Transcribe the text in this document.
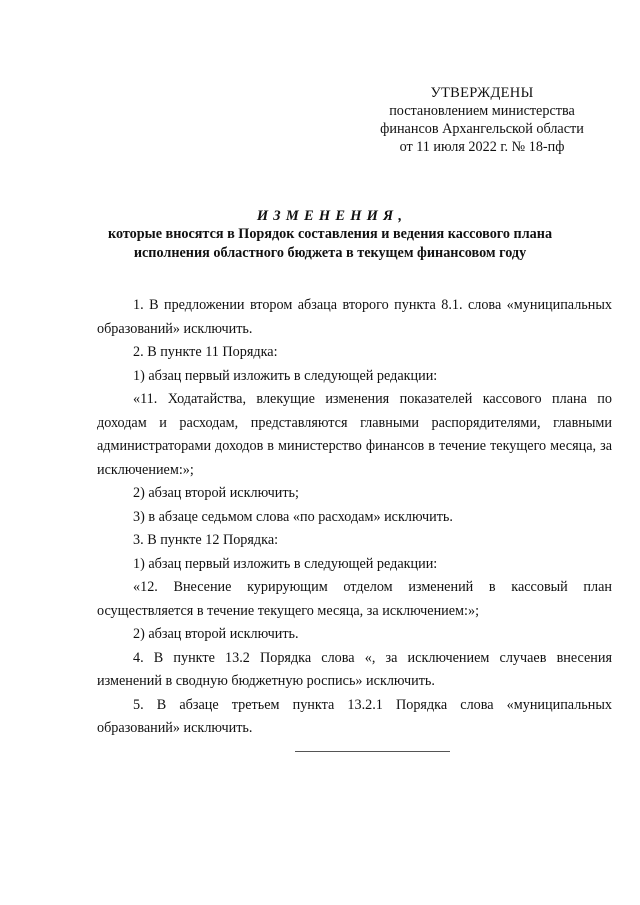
УТВЕРЖДЕНЫ
постановлением министерства
финансов Архангельской области
от 11 июля 2022 г. № 18-пф
ИЗМЕНЕНИЯ,
которые вносятся в Порядок составления и ведения кассового плана
исполнения областного бюджета в текущем финансовом году

1. В предложении втором абзаца второго пункта 8.1. слова «муниципальных образований» исключить.

2. В пункте 11 Порядка:

1) абзац первый изложить в следующей редакции:

«11. Ходатайства, влекущие изменения показателей кассового плана по доходам и расходам, представляются главными распорядителями, главными администраторами доходов в министерство финансов в течение текущего месяца, за исключением:»;

2) абзац второй исключить;

3) в абзаце седьмом слова «по расходам» исключить.

3. В пункте 12 Порядка:

1) абзац первый изложить в следующей редакции:

«12. Внесение курирующим отделом изменений в кассовый план осуществляется в течение текущего месяца, за исключением:»;

2) абзац второй исключить.

4. В пункте 13.2 Порядка слова «, за исключением случаев внесения изменений в сводную бюджетную роспись» исключить.

5. В абзаце третьем пункта 13.2.1 Порядка слова «муниципальных образований» исключить.
